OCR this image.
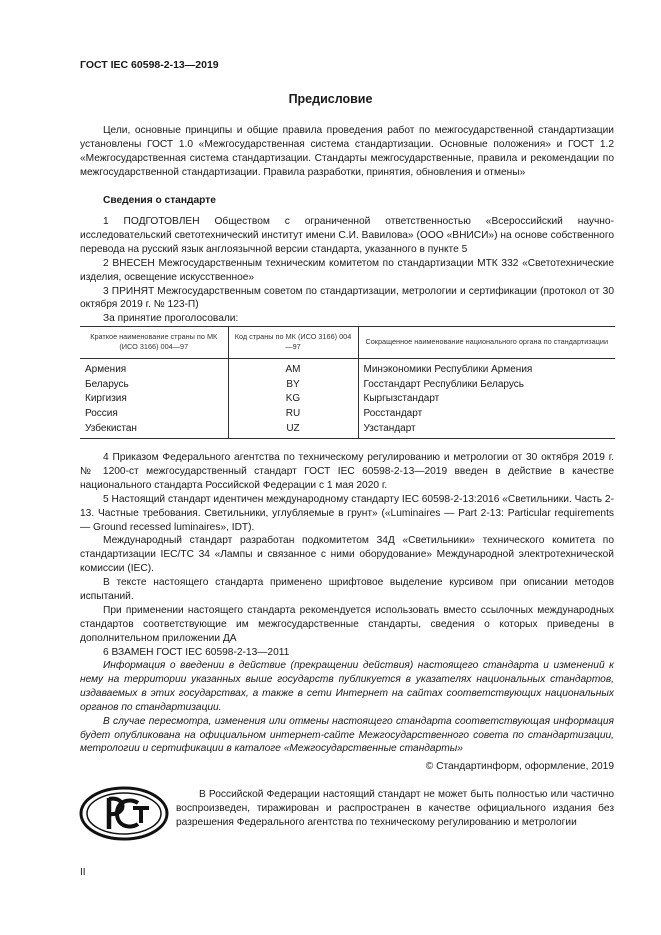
ГОСТ IEC 60598-2-13—2019
Предисловие

Цели, основные принципы и общие правила проведения работ по межгосударственной стандартизации установлены ГОСТ 1.0 «Межгосударственная система стандартизации. Основные положения» и ГОСТ 1.2 «Межгосударственная система стандартизации. Стандарты межгосударственные, правила и рекомендации по межгосударственной стандартизации. Правила разработки, принятия, обновления и отмены»

Сведения о стандарте

1 ПОДГОТОВЛЕН Обществом с ограниченной ответственностью «Всероссийский научно-исследовательский светотехнический институт имени С.И. Вавилова» (ООО «ВНИСИ») на основе собственного перевода на русский язык англоязычной версии стандарта, указанного в пункте 5

2 ВНЕСЕН Межгосударственным техническим комитетом по стандартизации МТК 332 «Светотехнические изделия, освещение искусственное»

3 ПРИНЯТ Межгосударственным советом по стандартизации, метрологии и сертификации (протокол от 30 октября 2019 г. № 123-П)

За принятие проголосовали:

Краткое наименование страны по МК (ИСО 3166) 004—97	Код страны по МК (ИСО 3166) 004—97	Сокращенное наименование национального органа по стандартизации
Армения	AM	Минэкономики Республики Армения
Беларусь	BY	Госстандарт Республики Беларусь
Киргизия	KG	Кыргызстандарт
Россия	RU	Росстандарт
Узбекистан	UZ	Узстандарт

4 Приказом Федерального агентства по техническому регулированию и метрологии от 30 октября 2019 г. № 1200-ст межгосударственный стандарт ГОСТ IEC 60598-2-13—2019 введен в действие в качестве национального стандарта Российской Федерации с 1 мая 2020 г.

5 Настоящий стандарт идентичен международному стандарту IEC 60598-2-13:2016 «Светильники. Часть 2-13. Частные требования. Светильники, углубляемые в грунт» («Luminaires — Part 2-13: Particular requirements — Ground recessed luminaires», IDT).

Международный стандарт разработан подкомитетом 34Д «Светильники» технического комитета по стандартизации IEC/TC 34 «Лампы и связанное с ними оборудование» Международной электротехнической комиссии (IEC).

В тексте настоящего стандарта применено шрифтовое выделение курсивом при описании методов испытаний.

При применении настоящего стандарта рекомендуется использовать вместо ссылочных международных стандартов соответствующие им межгосударственные стандарты, сведения о которых приведены в дополнительном приложении ДА

6 ВЗАМЕН ГОСТ IEC 60598-2-13—2011

Информация о введении в действие (прекращении действия) настоящего стандарта и изменений к нему на территории указанных выше государств публикуется в указателях национальных стандартов, издаваемых в этих государствах, а также в сети Интернет на сайтах соответствующих национальных органов по стандартизации.

В случае пересмотра, изменения или отмены настоящего стандарта соответствующая информация будет опубликована на официальном интернет-сайте Межгосударственного совета по стандартизации, метрологии и сертификации в каталоге «Межгосударственные стандарты»

© Стандартинформ, оформление, 2019

В Российской Федерации настоящий стандарт не может быть полностью или частично воспроизведен, тиражирован и распространен в качестве официального издания без разрешения Федерального агентства по техническому регулированию и метрологии

II
